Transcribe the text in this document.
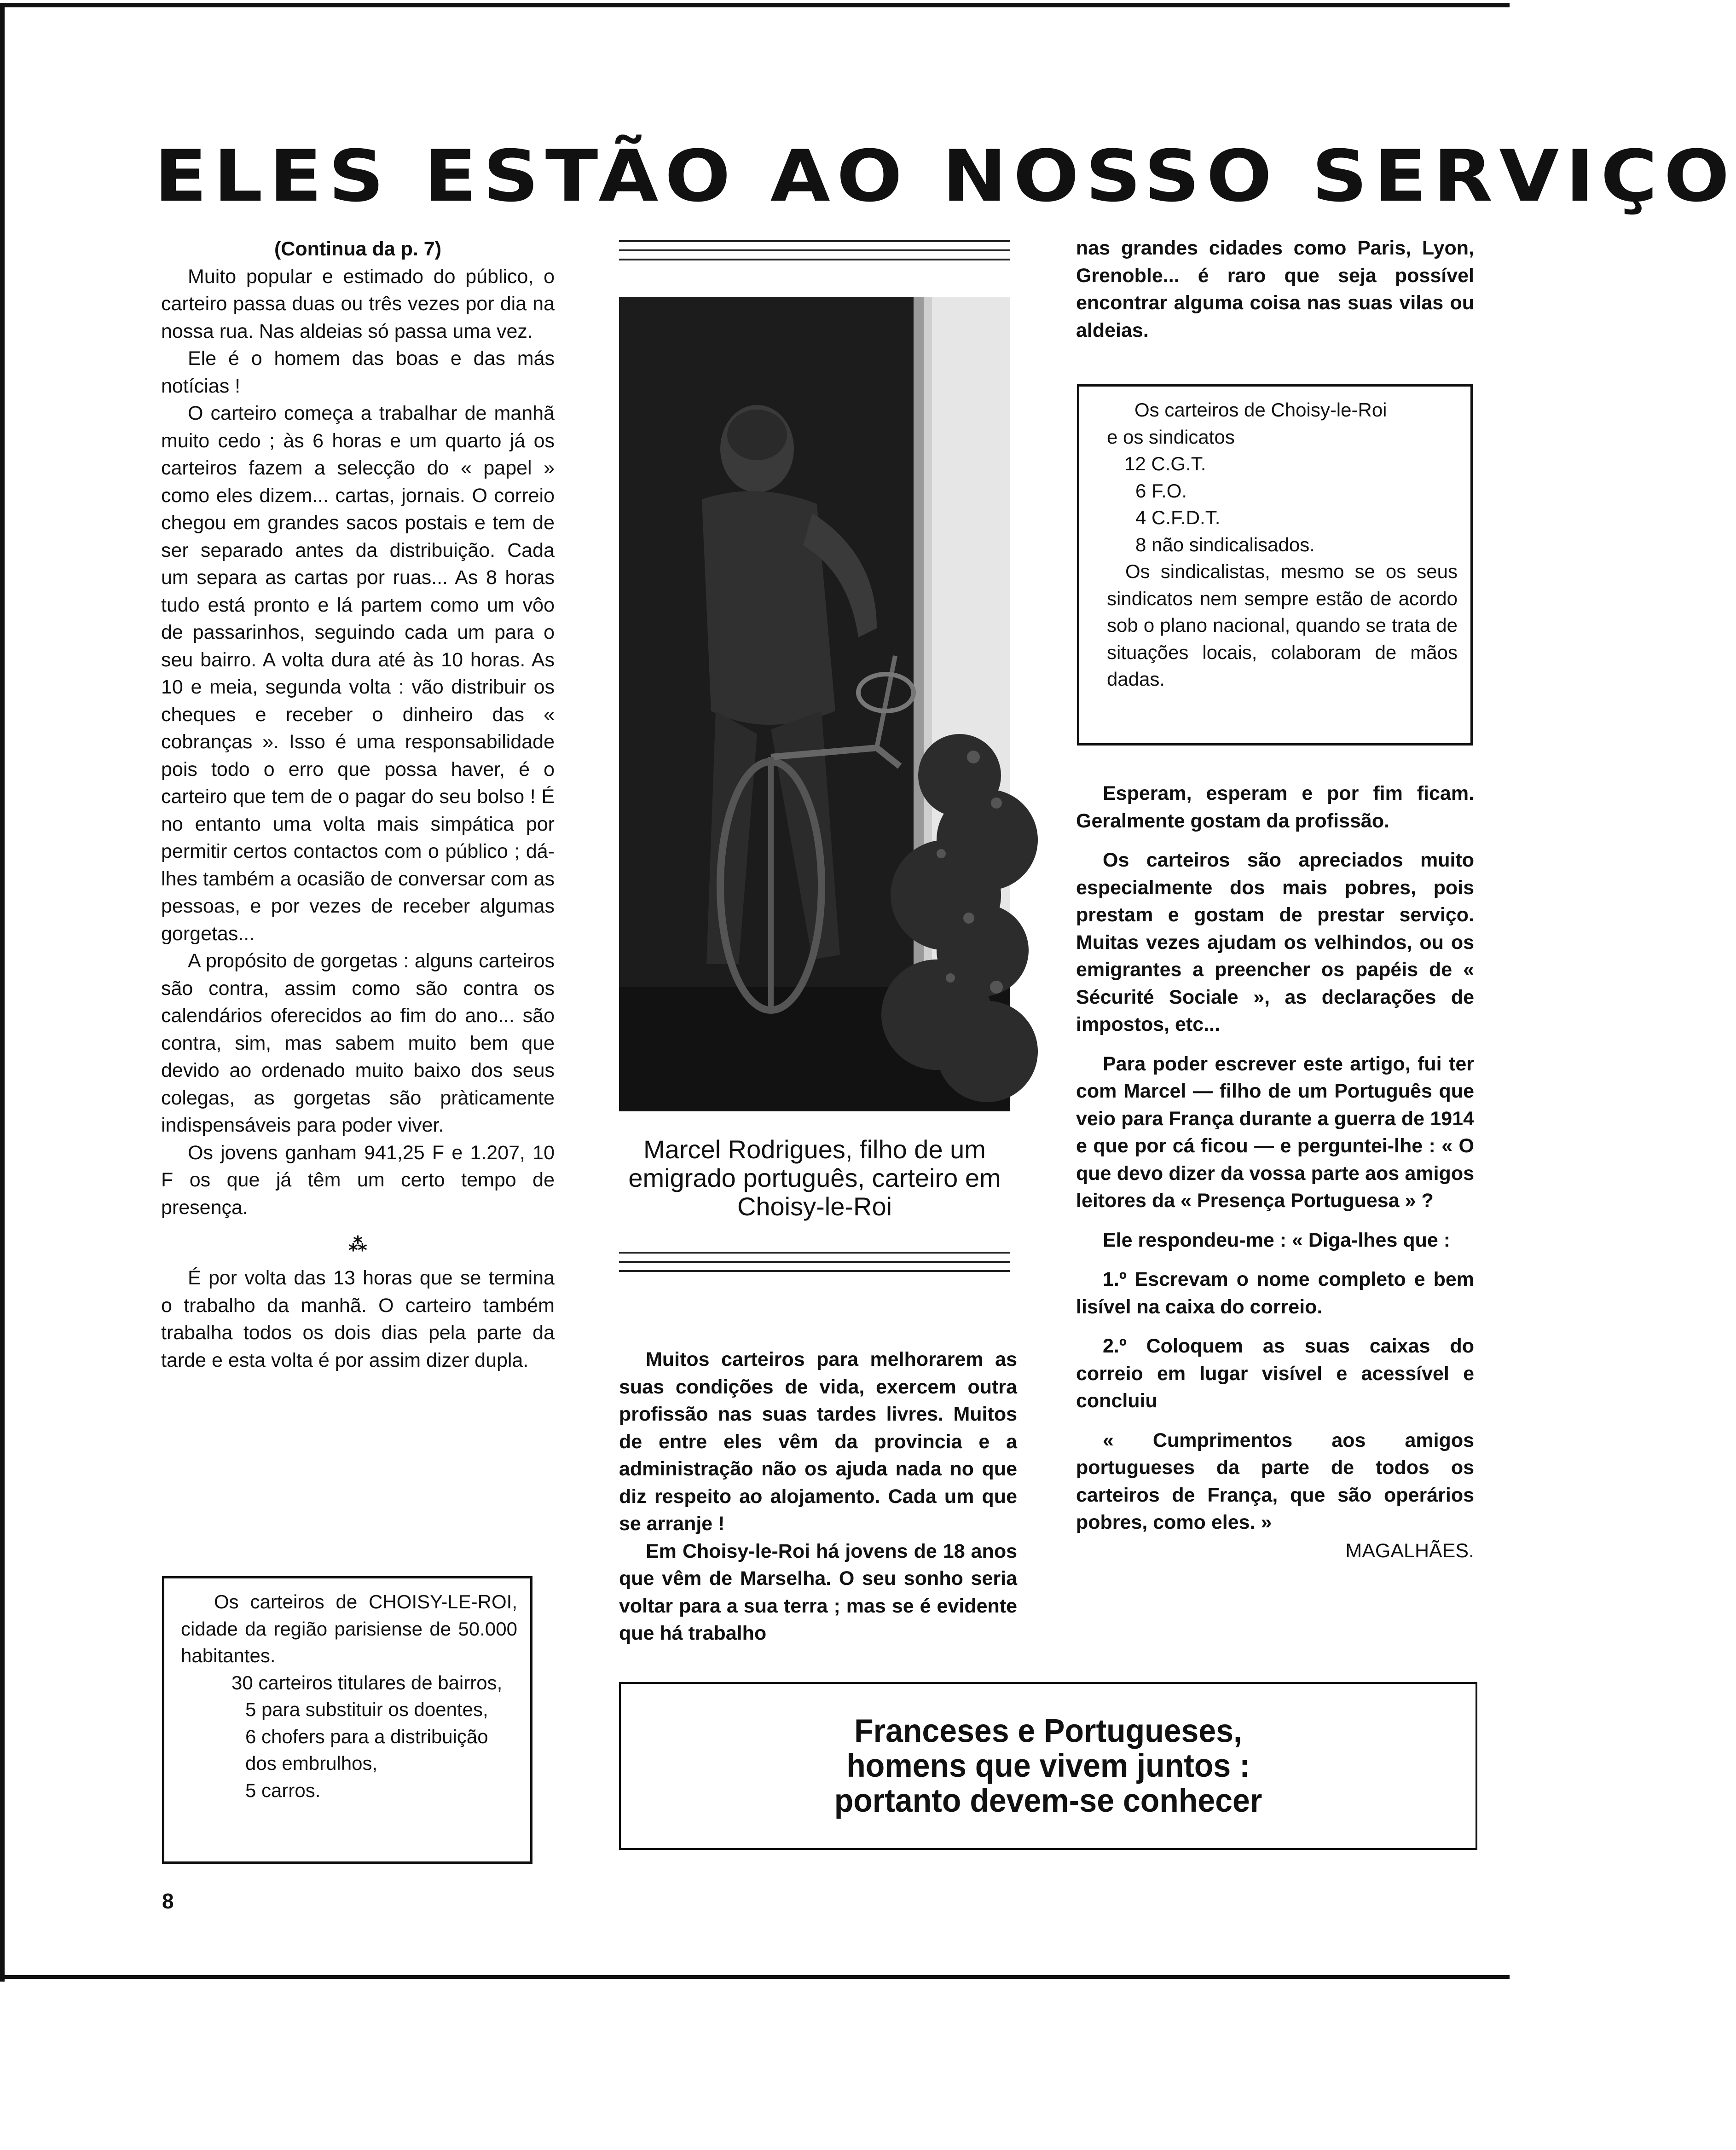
ELES ESTÃO AO NOSSO SERVIÇO

(Continua da p. 7)

Muito popular e estimado do público, o carteiro passa duas ou três vezes por dia na nossa rua. Nas aldeias só passa uma vez.

Ele é o homem das boas e das más notícias !

O carteiro começa a trabalhar de manhã muito cedo ; às 6 horas e um quarto já os carteiros fazem a selecção do « papel » como eles dizem... cartas, jornais. O correio chegou em grandes sacos postais e tem de ser separado antes da distribuição. Cada um separa as cartas por ruas... As 8 horas tudo está pronto e lá partem como um vôo de passarinhos, seguindo cada um para o seu bairro. A volta dura até às 10 horas. As 10 e meia, segunda volta : vão distribuir os cheques e receber o dinheiro das « cobranças ». Isso é uma responsabilidade pois todo o erro que possa haver, é o carteiro que tem de o pagar do seu bolso ! É no entanto uma volta mais simpática por permitir certos contactos com o público ; dá-lhes também a ocasião de conversar com as pessoas, e por vezes de receber algumas gorgetas...

A propósito de gorgetas : alguns carteiros são contra, assim como são contra os calendários oferecidos ao fim do ano... são contra, sim, mas sabem muito bem que devido ao ordenado muito baixo dos seus colegas, as gorgetas são pràticamente indispensáveis para poder viver.

Os jovens ganham 941,25 F e 1.207, 10 F os que já têm um certo tempo de presença.

⁂

É por volta das 13 horas que se termina o trabalho da manhã. O carteiro também trabalha todos os dois dias pela parte da tarde e esta volta é por assim dizer dupla.

Os carteiros de CHOISY-LE-ROI, cidade da região parisiense de 50.000 habitantes.

30 carteiros titulares de bairros,

5 para substituir os doentes,

6 chofers para a distribuição dos embrulhos,

5 carros.

8
Marcel Rodrigues, filho de um emigrado português, carteiro em Choisy-le-Roi

Muitos carteiros para melhorarem as suas condições de vida, exercem outra profissão nas suas tardes livres. Muitos de entre eles vêm da provincia e a administração não os ajuda nada no que diz respeito ao alojamento. Cada um que se arranje !

Em Choisy-le-Roi há jovens de 18 anos que vêm de Marselha. O seu sonho seria voltar para a sua terra ; mas se é evidente que há trabalho

nas grandes cidades como Paris, Lyon, Grenoble... é raro que seja possível encontrar alguma coisa nas suas vilas ou aldeias.

Os carteiros de Choisy-le-Roi

e os sindicatos

12 C.G.T.

6 F.O.

4 C.F.D.T.

8 não sindicalisados.

Os sindicalistas, mesmo se os seus sindicatos nem sempre estão de acordo sob o plano nacional, quando se trata de situações locais, colaboram de mãos dadas.

Esperam, esperam e por fim ficam. Geralmente gostam da profissão.

Os carteiros são apreciados muito especialmente dos mais pobres, pois prestam e gostam de prestar serviço. Muitas vezes ajudam os velhindos, ou os emigrantes a preencher os papéis de « Sécurité Sociale », as declarações de impostos, etc...

Para poder escrever este artigo, fui ter com Marcel — filho de um Português que veio para França durante a guerra de 1914 e que por cá ficou — e perguntei-lhe : « O que devo dizer da vossa parte aos amigos leitores da « Presença Portuguesa » ?

Ele respondeu-me : « Diga-lhes que :

1.º Escrevam o nome completo e bem lisível na caixa do correio.

2.º Coloquem as suas caixas do correio em lugar visível e acessível e concluiu

« Cumprimentos aos amigos portugueses da parte de todos os carteiros de França, que são operários pobres, como eles. »

MAGALHÃES.

Franceses e Portugueses,
homens que vivem juntos :
portanto devem-se conhecer
